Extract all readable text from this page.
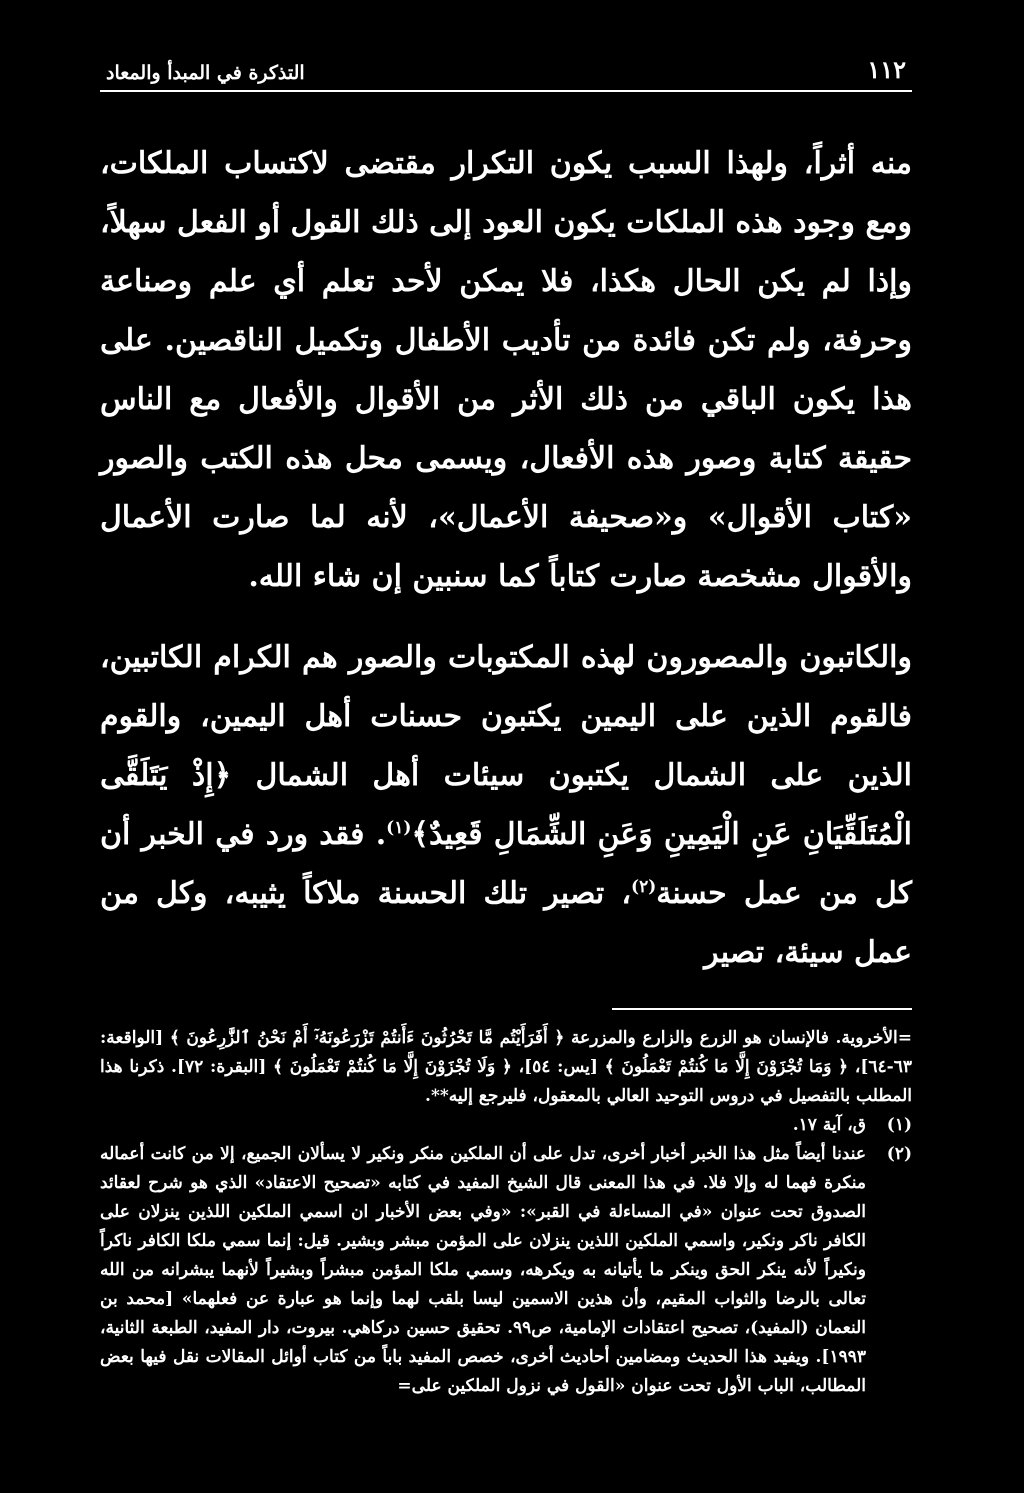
١١٢
التذكرة في المبدأ والمعاد

منه أثراً، ولهذا السبب يكون التكرار مقتضى لاكتساب الملكات، ومع وجود هذه الملكات يكون العود إلى ذلك القول أو الفعل سهلاً، وإذا لم يكن الحال هكذا، فلا يمكن لأحد تعلم أي علم وصناعة وحرفة، ولم تكن فائدة من تأديب الأطفال وتكميل الناقصين. على هذا يكون الباقي من ذلك الأثر من الأقوال والأفعال مع الناس حقيقة كتابة وصور هذه الأفعال، ويسمى محل هذه الكتب والصور «كتاب الأقوال» و«صحيفة الأعمال»، لأنه لما صارت الأعمال والأقوال مشخصة صارت كتاباً كما سنبين إن شاء الله.

والكاتبون والمصورون لهذه المكتوبات والصور هم الكرام الكاتبين، فالقوم الذين على اليمين يكتبون حسنات أهل اليمين، والقوم الذين على الشمال يكتبون سيئات أهل الشمال ﴿إِذْ يَتَلَقَّى الْمُتَلَقِّيَانِ عَنِ الْيَمِينِ وَعَنِ الشِّمَالِ قَعِيدٌ﴾$^{(١)}$. فقد ورد في الخبر أن كل من عمل حسنة$^{(٢)}$، تصير تلك الحسنة ملاكاً يثيبه، وكل من عمل سيئة، تصير

=الأخروية. فالإنسان هو الزرع والزارع والمزرعة ﴿ أَفَرَأَيْتُم مَّا تَحْرُثُونَ ءَأَنتُمْ تَزْرَعُونَهُۥٓ أَمْ نَحْنُ ٱلزَّٰرِعُونَ ﴾ [الواقعة: ٦٣-٦٤]، ﴿ وَمَا تُجْزَوْنَ إِلَّا مَا كُنتُمْ تَعْمَلُونَ ﴾ [يس: ٥٤]، ﴿ وَلَا تُجْزَوْنَ إِلَّا مَا كُنتُمْ تَعْمَلُونَ ﴾ [البقرة: ٧٢]. ذكرنا هذا المطلب بالتفصيل في دروس التوحيد العالي بالمعقول، فليرجع إليه**.

(١)
ق، آية ١٧.
(٢)
عندنا أيضاً مثل هذا الخبر أخبار أخرى، تدل على أن الملكين منكر ونكير لا يسألان الجميع، إلا من كانت أعماله منكرة فهما له وإلا فلا. في هذا المعنى قال الشيخ المفيد في كتابه «تصحيح الاعتقاد» الذي هو شرح لعقائد الصدوق تحت عنوان «في المساءلة في القبر»: «وفي بعض الأخبار ان اسمي الملكين اللذين ينزلان على الكافر ناكر ونكير، واسمي الملكين اللذين ينزلان على المؤمن مبشر وبشير. قيل: إنما سمي ملكا الكافر ناكراً ونكيراً لأنه ينكر الحق وينكر ما يأتيانه به ويكرهه، وسمي ملكا المؤمن مبشراً وبشيراً لأنهما يبشرانه من الله تعالى بالرضا والثواب المقيم، وأن هذين الاسمين ليسا بلقب لهما وإنما هو عبارة عن فعلهما» [محمد بن النعمان (المفيد)، تصحيح اعتقادات الإمامية، ص٩٩. تحقيق حسين دركاهي. بيروت، دار المفيد، الطبعة الثانية، ١٩٩٣]. ويفيد هذا الحديث ومضامين أحاديث أخرى، خصص المفيد باباً من كتاب أوائل المقالات نقل فيها بعض المطالب، الباب الأول تحت عنوان «القول في نزول الملكين على=
